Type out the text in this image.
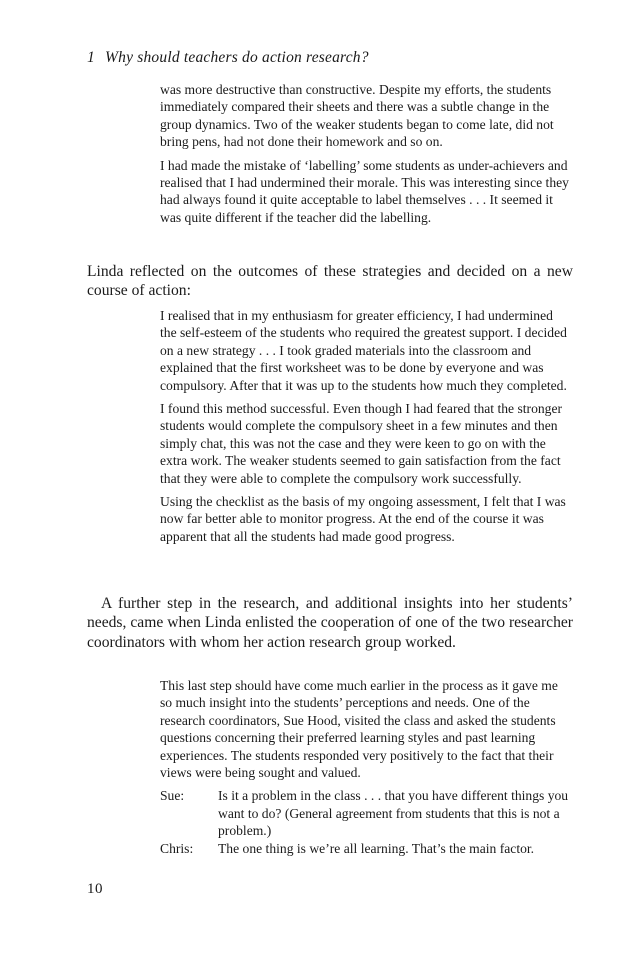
1 Why should teachers do action research?

was more destructive than constructive. Despite my efforts, the students immediately compared their sheets and there was a subtle change in the group dynamics. Two of the weaker students began to come late, did not bring pens, had not done their homework and so on.

I had made the mistake of ‘labelling’ some students as under-achievers and realised that I had undermined their morale. This was interesting since they had always found it quite acceptable to label themselves . . . It seemed it was quite different if the teacher did the labelling.

Linda reflected on the outcomes of these strategies and decided on a new course of action:

I realised that in my enthusiasm for greater efficiency, I had undermined the self-esteem of the students who required the greatest support. I decided on a new strategy . . . I took graded materials into the classroom and explained that the first worksheet was to be done by everyone and was compulsory. After that it was up to the students how much they completed.

I found this method successful. Even though I had feared that the stronger students would complete the compulsory sheet in a few minutes and then simply chat, this was not the case and they were keen to go on with the extra work. The weaker students seemed to gain satisfaction from the fact that they were able to complete the compulsory work successfully.

Using the checklist as the basis of my ongoing assessment, I felt that I was now far better able to monitor progress. At the end of the course it was apparent that all the students had made good progress.

A further step in the research, and additional insights into her students’ needs, came when Linda enlisted the cooperation of one of the two researcher coordinators with whom her action research group worked.

This last step should have come much earlier in the process as it gave me so much insight into the students’ perceptions and needs. One of the research coordinators, Sue Hood, visited the class and asked the students questions concerning their preferred learning styles and past learning experiences. The students responded very positively to the fact that their views were being sought and valued.

Sue:	Is it a problem in the class . . . that you have different things you want to do? (General agreement from students that this is not a problem.)
Chris:	The one thing is we’re all learning. That’s the main factor.
10
